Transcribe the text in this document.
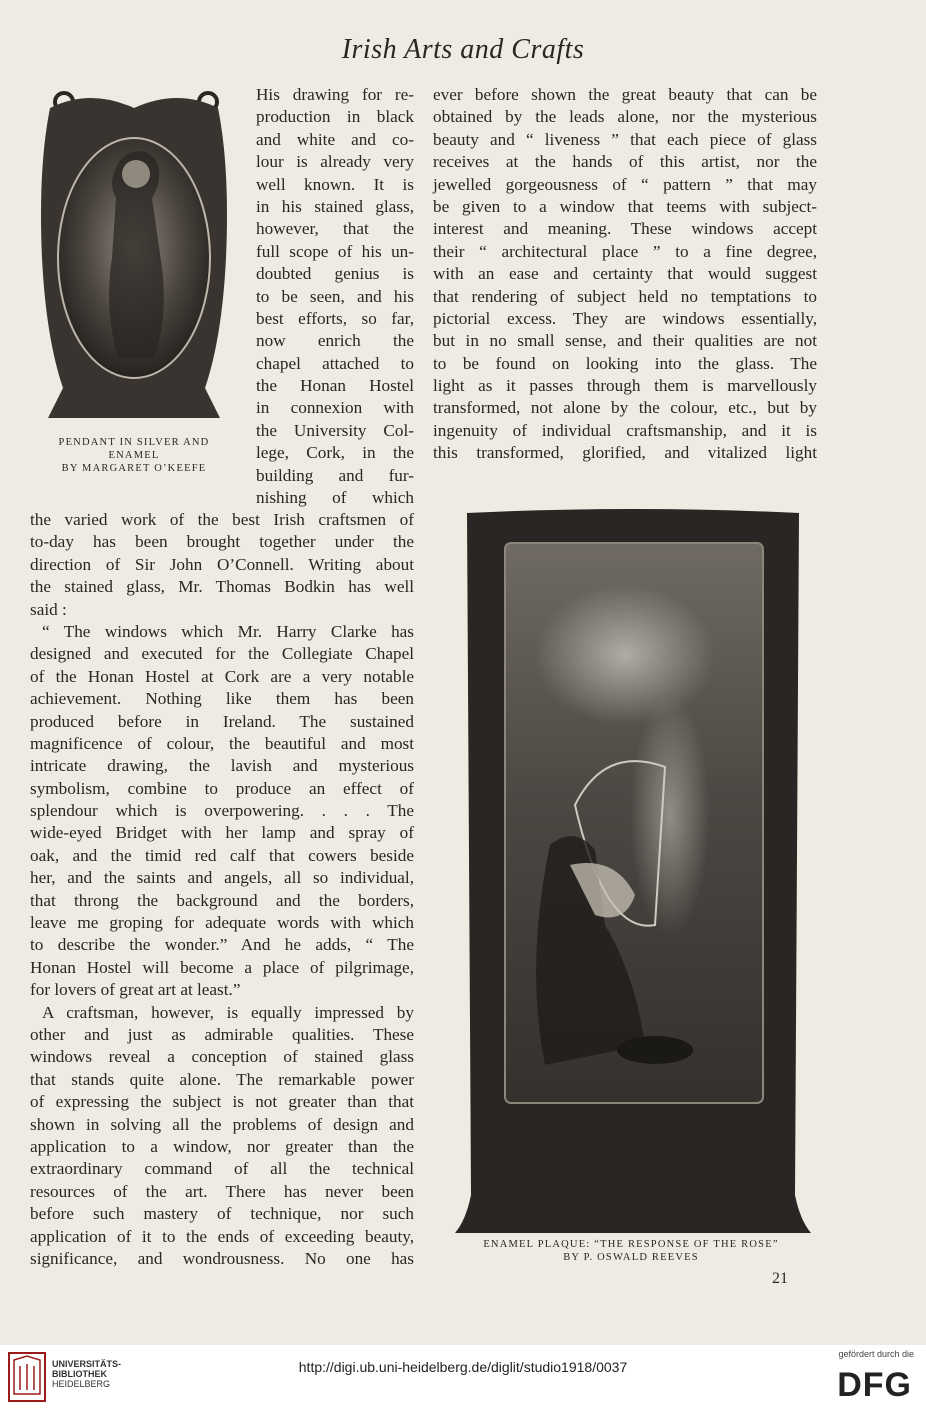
Irish Arts and Crafts
PENDANT IN SILVER AND
ENAMEL
BY MARGARET O’KEEFE
His drawing for re-
production in black
and white and co-
lour is already very
well known. It is
in his stained glass,
however, that the
full scope of his un-
doubted genius is
to be seen, and his
best efforts, so far,
now enrich the
chapel attached to
the Honan Hostel
in connexion with
the University Col-
lege, Cork, in the
building and fur-
nishing of which
the varied work of the best Irish craftsmen of
to-day has been brought together under the
direction of Sir John O’Connell. Writing about
the stained glass, Mr. Thomas Bodkin has well
said :
“ The windows which Mr. Harry Clarke has
designed and executed for the Collegiate Chapel
of the Honan Hostel at Cork are a very notable
achievement. Nothing like them has been
produced before in Ireland. The sustained
magnificence of colour, the beautiful and most
intricate drawing, the lavish and mysterious
symbolism, combine to produce an effect of
splendour which is overpowering. . . . The
wide-eyed Bridget with her lamp and spray of
oak, and the timid red calf that cowers beside
her, and the saints and angels, all so individual,
that throng the background and the borders,
leave me groping for adequate words with which
to describe the wonder.” And he adds, “ The
Honan Hostel will become a place of pilgrimage,
for lovers of great art at least.”
A craftsman, however, is equally impressed by
other and just as admirable qualities. These
windows reveal a conception of stained glass
that stands quite alone. The remarkable power
of expressing the subject is not greater than that
shown in solving all the problems of design and
application to a window, nor greater than the
extraordinary command of all the technical
resources of the art. There has never been
before such mastery of technique, nor such
application of it to the ends of exceeding beauty,
significance, and wondrousness. No one has
ever before shown the great beauty that can be
obtained by the leads alone, nor the mysterious
beauty and “ liveness ” that each piece of glass
receives at the hands of this artist, nor the
jewelled gorgeousness of “ pattern ” that may
be given to a window that teems with subject-
interest and meaning. These windows accept
their “ architectural place ” to a fine degree,
with an ease and certainty that would suggest
that rendering of subject held no temptations to
pictorial excess. They are windows essentially,
but in no small sense, and their qualities are not
to be found on looking into the glass. The
light as it passes through them is marvellously
transformed, not alone by the colour, etc., but by
ingenuity of individual craftsmanship, and it is
this transformed, glorified, and vitalized light
ENAMEL PLAQUE: “THE RESPONSE OF THE ROSE”
BY P. OSWALD REEVES
21
UNIVERSITÄTS-
BIBLIOTHEK
HEIDELBERG
http://digi.ub.uni-heidelberg.de/diglit/studio1918/0037
gefördert durch die
DFG
